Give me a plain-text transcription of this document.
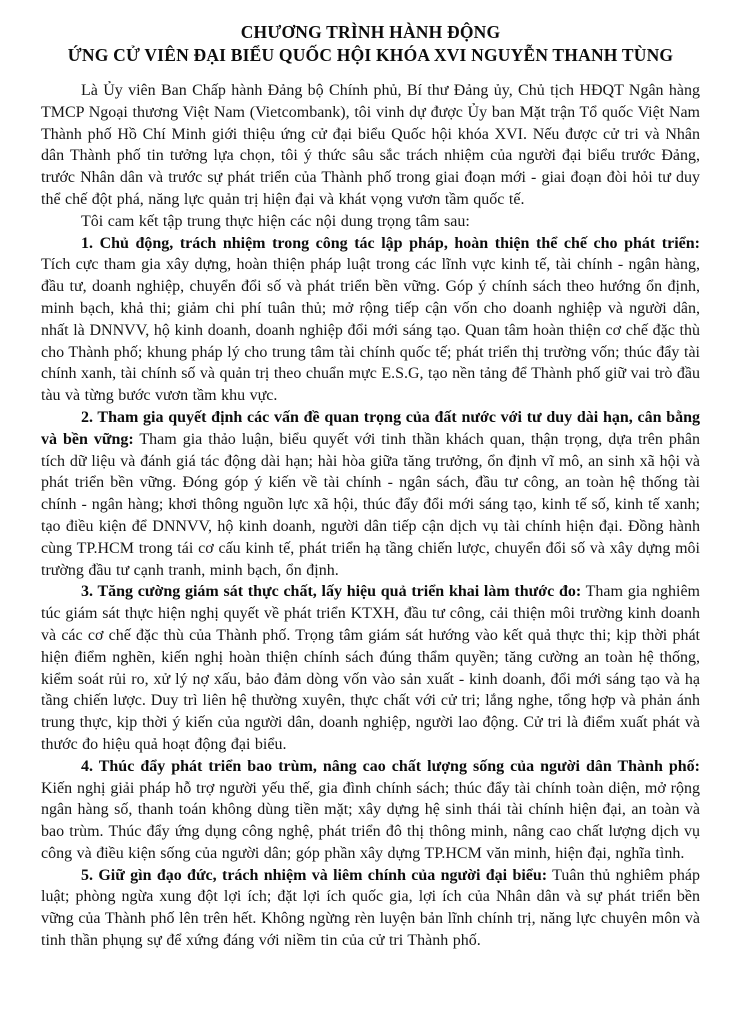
CHƯƠNG TRÌNH HÀNH ĐỘNG
ỨNG CỬ VIÊN ĐẠI BIỂU QUỐC HỘI KHÓA XVI NGUYỄN THANH TÙNG

Là Ủy viên Ban Chấp hành Đảng bộ Chính phủ, Bí thư Đảng ủy, Chủ tịch HĐQT Ngân hàng TMCP Ngoại thương Việt Nam (Vietcombank), tôi vinh dự được Ủy ban Mặt trận Tổ quốc Việt Nam Thành phố Hồ Chí Minh giới thiệu ứng cử đại biểu Quốc hội khóa XVI. Nếu được cử tri và Nhân dân Thành phố tin tưởng lựa chọn, tôi ý thức sâu sắc trách nhiệm của người đại biểu trước Đảng, trước Nhân dân và trước sự phát triển của Thành phố trong giai đoạn mới - giai đoạn đòi hỏi tư duy thể chế đột phá, năng lực quản trị hiện đại và khát vọng vươn tầm quốc tế.

Tôi cam kết tập trung thực hiện các nội dung trọng tâm sau:

1. Chủ động, trách nhiệm trong công tác lập pháp, hoàn thiện thể chế cho phát triển: Tích cực tham gia xây dựng, hoàn thiện pháp luật trong các lĩnh vực kinh tế, tài chính - ngân hàng, đầu tư, doanh nghiệp, chuyển đổi số và phát triển bền vững. Góp ý chính sách theo hướng ổn định, minh bạch, khả thi; giảm chi phí tuân thủ; mở rộng tiếp cận vốn cho doanh nghiệp và người dân, nhất là DNNVV, hộ kinh doanh, doanh nghiệp đổi mới sáng tạo. Quan tâm hoàn thiện cơ chế đặc thù cho Thành phố; khung pháp lý cho trung tâm tài chính quốc tế; phát triển thị trường vốn; thúc đẩy tài chính xanh, tài chính số và quản trị theo chuẩn mực E.S.G, tạo nền tảng để Thành phố giữ vai trò đầu tàu và từng bước vươn tầm khu vực.

2. Tham gia quyết định các vấn đề quan trọng của đất nước với tư duy dài hạn, cân bằng và bền vững: Tham gia thảo luận, biểu quyết với tinh thần khách quan, thận trọng, dựa trên phân tích dữ liệu và đánh giá tác động dài hạn; hài hòa giữa tăng trưởng, ổn định vĩ mô, an sinh xã hội và phát triển bền vững. Đóng góp ý kiến về tài chính - ngân sách, đầu tư công, an toàn hệ thống tài chính - ngân hàng; khơi thông nguồn lực xã hội, thúc đẩy đổi mới sáng tạo, kinh tế số, kinh tế xanh; tạo điều kiện để DNNVV, hộ kinh doanh, người dân tiếp cận dịch vụ tài chính hiện đại. Đồng hành cùng TP.HCM trong tái cơ cấu kinh tế, phát triển hạ tầng chiến lược, chuyển đổi số và xây dựng môi trường đầu tư cạnh tranh, minh bạch, ổn định.

3. Tăng cường giám sát thực chất, lấy hiệu quả triển khai làm thước đo: Tham gia nghiêm túc giám sát thực hiện nghị quyết về phát triển KTXH, đầu tư công, cải thiện môi trường kinh doanh và các cơ chế đặc thù của Thành phố. Trọng tâm giám sát hướng vào kết quả thực thi; kịp thời phát hiện điểm nghẽn, kiến nghị hoàn thiện chính sách đúng thẩm quyền; tăng cường an toàn hệ thống, kiểm soát rủi ro, xử lý nợ xấu, bảo đảm dòng vốn vào sản xuất - kinh doanh, đổi mới sáng tạo và hạ tầng chiến lược. Duy trì liên hệ thường xuyên, thực chất với cử tri; lắng nghe, tổng hợp và phản ánh trung thực, kịp thời ý kiến của người dân, doanh nghiệp, người lao động. Cử tri là điểm xuất phát và thước đo hiệu quả hoạt động đại biểu.

4. Thúc đẩy phát triển bao trùm, nâng cao chất lượng sống của người dân Thành phố: Kiến nghị giải pháp hỗ trợ người yếu thế, gia đình chính sách; thúc đẩy tài chính toàn diện, mở rộng ngân hàng số, thanh toán không dùng tiền mặt; xây dựng hệ sinh thái tài chính hiện đại, an toàn và bao trùm. Thúc đẩy ứng dụng công nghệ, phát triển đô thị thông minh, nâng cao chất lượng dịch vụ công và điều kiện sống của người dân; góp phần xây dựng TP.HCM văn minh, hiện đại, nghĩa tình.

5. Giữ gìn đạo đức, trách nhiệm và liêm chính của người đại biểu: Tuân thủ nghiêm pháp luật; phòng ngừa xung đột lợi ích; đặt lợi ích quốc gia, lợi ích của Nhân dân và sự phát triển bền vững của Thành phố lên trên hết. Không ngừng rèn luyện bản lĩnh chính trị, năng lực chuyên môn và tinh thần phụng sự để xứng đáng với niềm tin của cử tri Thành phố.
